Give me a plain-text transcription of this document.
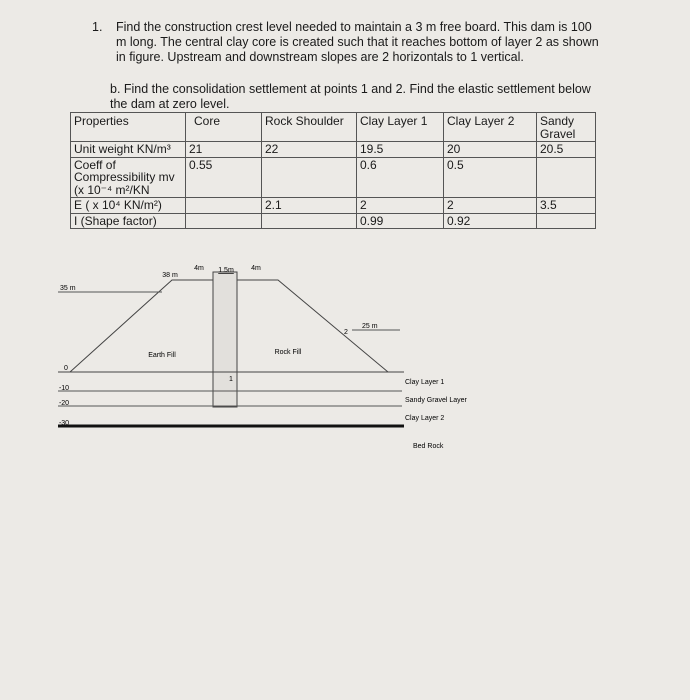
1. Find the construction crest level needed to maintain a 3 m free board. This dam is 100
m long. The central clay core is created such that it reaches bottom of layer 2 as shown
in figure. Upstream and downstream slopes are 2 horizontals to 1 vertical.
b. Find the consolidation settlement at points 1 and 2. Find the elastic settlement below
the dam at zero level.
Properties	Core	Rock Shoulder	Clay Layer 1	Clay Layer 2	Sandy Gravel
Unit weight KN/m³	21	22	19.5	20	20.5
Coeff of Compressibility mv (x 10⁻⁴ m²/KN	0.55		0.6	0.5	
E ( x 10⁴ KN/m²)		2.1	2	2	3.5
I (Shape factor)			0.99	0.92	
4m 1.5m 4m
38 m
35 m
25 m
2
1
Earth Fill	Rock Fill
0
-10
-20
-30
Clay Layer 1
Sandy Gravel Layer
Clay Layer 2
Bed Rock
